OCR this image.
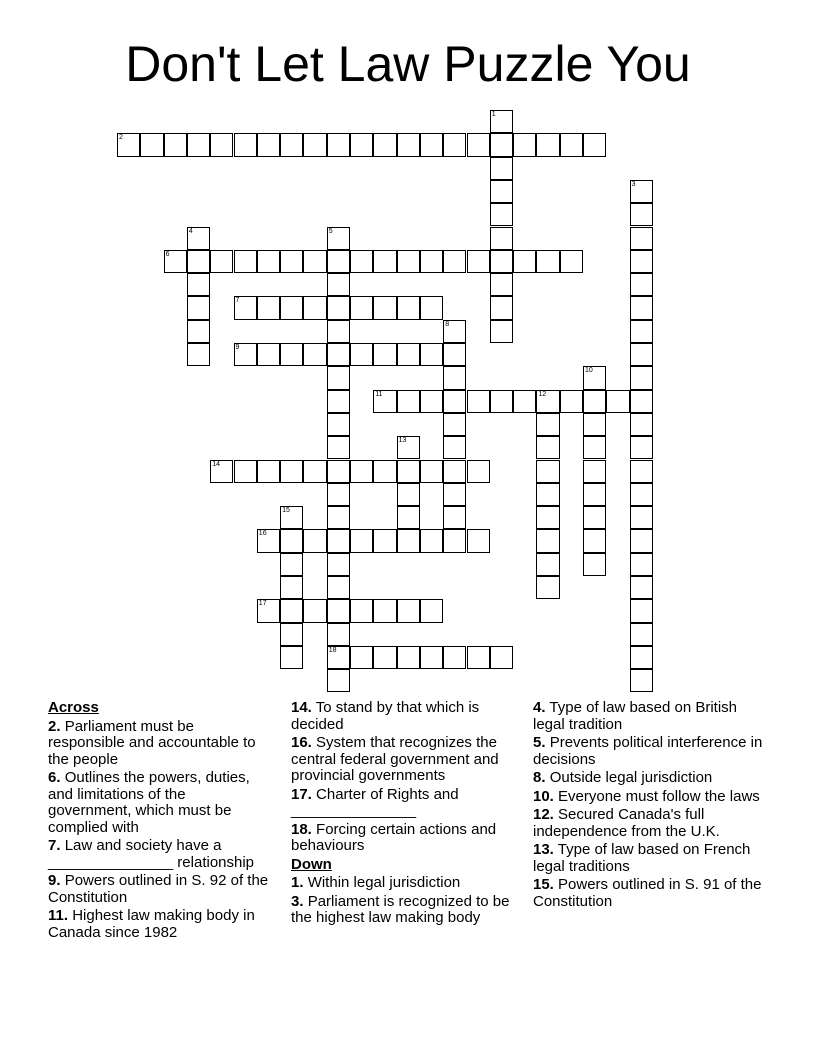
Don't Let Law Puzzle You
1
2
3
4	5
18
6
7
8
9
10
11	12
13
14
15
16
17

Across

2. Parliament must be responsible and accountable to the people

6. Outlines the powers, duties, and limitations of the government, which must be complied with

7. Law and society have a _______________ relationship

9. Powers outlined in S. 92 of the Constitution

11. Highest law making body in Canada since 1982

14. To stand by that which is decided

16. System that recognizes the central federal government and provincial governments

17. Charter of Rights and _______________

18. Forcing certain actions and behaviours

Down

1. Within legal jurisdiction

3. Parliament is recognized to be the highest law making body

4. Type of law based on British legal tradition

5. Prevents political interference in decisions

8. Outside legal jurisdiction

10. Everyone must follow the laws

12. Secured Canada's full independence from the U.K.

13. Type of law based on French legal traditions

15. Powers outlined in S. 91 of the Constitution
